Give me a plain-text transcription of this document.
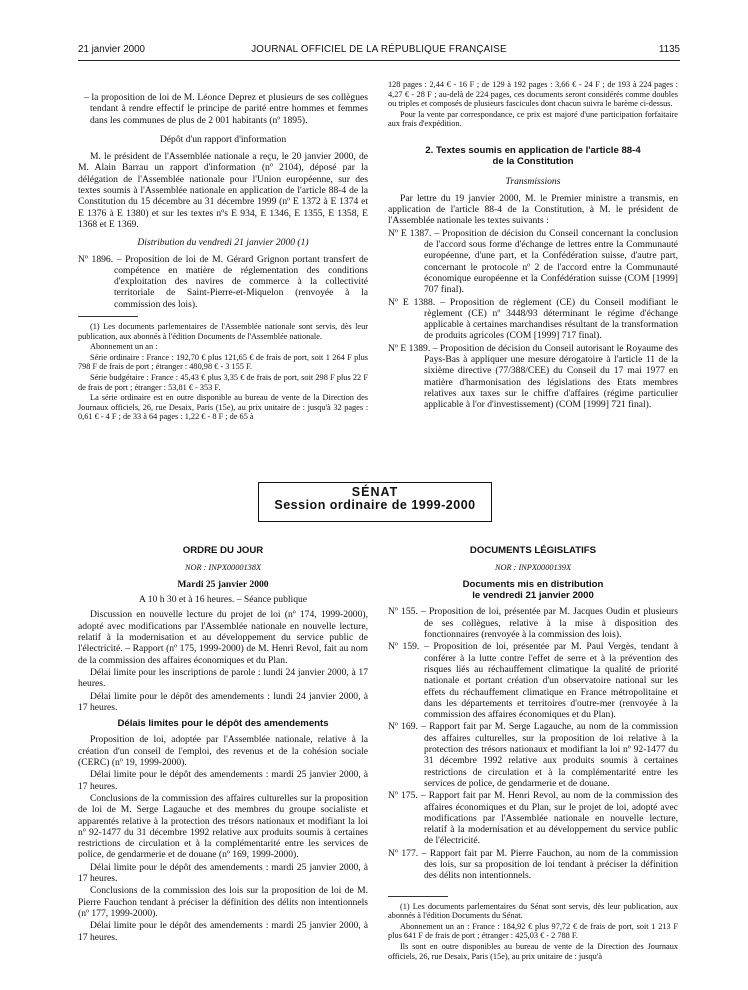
21 janvier 2000	JOURNAL OFFICIEL DE LA RÉPUBLIQUE FRANÇAISE	1135

– la proposition de loi de M. Léonce Deprez et plusieurs de ses collègues tendant à rendre effectif le principe de parité entre hommes et femmes dans les communes de plus de 2 001 habitants (nº 1895).

Dépôt d'un rapport d'information

M. le président de l'Assemblée nationale a reçu, le 20 janvier 2000, de M. Alain Barrau un rapport d'information (nº 2104), déposé par la délégation de l'Assemblée nationale pour l'Union européenne, sur des textes soumis à l'Assemblée nationale en application de l'article 88-4 de la Constitution du 15 décembre au 31 décembre 1999 (nº E 1372 à E 1374 et E 1376 à E 1380) et sur les textes nºs E 934, E 1346, E 1355, E 1358, E 1368 et E 1369.

Distribution du vendredi 21 janvier 2000 (1)

Nº 1896. – Proposition de loi de M. Gérard Grignon portant transfert de compétence en matière de réglementation des conditions d'exploitation des navires de commerce à la collectivité territoriale de Saint-Pierre-et-Miquelon (renvoyée à la commission des lois).

(1) Les documents parlementaires de l'Assemblée nationale sont servis, dès leur publication, aux abonnés à l'édition Documents de l'Assemblée nationale.

Abonnement un an :

Série ordinaire : France : 192,70 € plus 121,65 € de frais de port, soit 1 264 F plus 798 F de frais de port ; étranger : 480,98 € - 3 155 F.

Série budgétaire : France : 45,43 € plus 3,35 € de frais de port, soit 298 F plus 22 F de frais de port ; étranger : 53,81 € - 353 F.

La série ordinaire est en outre disponible au bureau de vente de la Direction des Journaux officiels, 26, rue Desaix, Paris (15e), au prix unitaire de : jusqu'à 32 pages : 0,61 € - 4 F ; de 33 à 64 pages : 1,22 € - 8 F ; de 65 à

128 pages : 2,44 € - 16 F ; de 129 à 192 pages : 3,66 € - 24 F ; de 193 à 224 pages : 4,27 € - 28 F ; au-delà de 224 pages, ces documents seront considérés comme doubles ou triples et composés de plusieurs fascicules dont chacun suivra le barème ci-dessus.

Pour la vente par correspondance, ce prix est majoré d'une participation forfaitaire aux frais d'expédition.

2. Textes soumis en application de l'article 88-4

de la Constitution

Transmissions

Par lettre du 19 janvier 2000, M. le Premier ministre a transmis, en application de l'article 88-4 de la Constitution, à M. le président de l'Assemblée nationale les textes suivants :

Nº E 1387. – Proposition de décision du Conseil concernant la conclusion de l'accord sous forme d'échange de lettres entre la Communauté européenne, d'une part, et la Confédération suisse, d'autre part, concernant le protocole nº 2 de l'accord entre la Communauté économique européenne et la Confédération suisse (COM [1999] 707 final).

Nº E 1388. – Proposition de règlement (CE) du Conseil modifiant le règlement (CE) nº 3448/93 déterminant le régime d'échange applicable à certaines marchandises résultant de la transformation de produits agricoles (COM [1999] 717 final).

Nº E 1389. – Proposition de décision du Conseil autorisant le Royaume des Pays-Bas à appliquer une mesure dérogatoire à l'article 11 de la sixième directive (77/388/CEE) du Conseil du 17 mai 1977 en matière d'harmonisation des législations des Etats membres relatives aux taxes sur le chiffre d'affaires (régime particulier applicable à l'or d'investissement) (COM [1999] 721 final).

SÉNAT
Session ordinaire de 1999-2000

ORDRE DU JOUR

NOR : INPX0000138X

Mardi 25 janvier 2000

A 10 h 30 et à 16 heures. – Séance publique

Discussion en nouvelle lecture du projet de loi (nº 174, 1999-2000), adopté avec modifications par l'Assemblée nationale en nouvelle lecture, relatif à la modernisation et au développement du service public de l'électricité. – Rapport (nº 175, 1999-2000) de M. Henri Revol, fait au nom de la commission des affaires économiques et du Plan.

Délai limite pour les inscriptions de parole : lundi 24 janvier 2000, à 17 heures.

Délai limite pour le dépôt des amendements : lundi 24 janvier 2000, à 17 heures.

Délais limites pour le dépôt des amendements

Proposition de loi, adoptée par l'Assemblée nationale, relative à la création d'un conseil de l'emploi, des revenus et de la cohésion sociale (CERC) (nº 19, 1999-2000).

Délai limite pour le dépôt des amendements : mardi 25 janvier 2000, à 17 heures.

Conclusions de la commission des affaires culturelles sur la proposition de loi de M. Serge Lagauche et des membres du groupe socialiste et apparentés relative à la protection des trésors nationaux et modifiant la loi nº 92-1477 du 31 décembre 1992 relative aux produits soumis à certaines restrictions de circulation et à la complémentarité entre les services de police, de gendarmerie et de douane (nº 169, 1999-2000).

Délai limite pour le dépôt des amendements : mardi 25 janvier 2000, à 17 heures.

Conclusions de la commission des lois sur la proposition de loi de M. Pierre Fauchon tendant à préciser la définition des délits non intentionnels (nº 177, 1999-2000).

Délai limite pour le dépôt des amendements : mardi 25 janvier 2000, à 17 heures.

DOCUMENTS LÉGISLATIFS

NOR : INPX0000139X

Documents mis en distribution

le vendredi 21 janvier 2000

Nº 155. – Proposition de loi, présentée par M. Jacques Oudin et plusieurs de ses collègues, relative à la mise à disposition des fonctionnaires (renvoyée à la commission des lois).

Nº 159. – Proposition de loi, présentée par M. Paul Vergès, tendant à conférer à la lutte contre l'effet de serre et à la prévention des risques liés au réchauffement climatique la qualité de priorité nationale et portant création d'un observatoire national sur les effets du réchauffement climatique en France métropolitaine et dans les départements et territoires d'outre-mer (renvoyée à la commission des affaires économiques et du Plan).

Nº 169. – Rapport fait par M. Serge Lagauche, au nom de la commission des affaires culturelles, sur la proposition de loi relative à la protection des trésors nationaux et modifiant la loi nº 92-1477 du 31 décembre 1992 relative aux produits soumis à certaines restrictions de circulation et à la complémentarité entre les services de police, de gendarmerie et de douane.

Nº 175. – Rapport fait par M. Henri Revol, au nom de la commission des affaires économiques et du Plan, sur le projet de loi, adopté avec modifications par l'Assemblée nationale en nouvelle lecture, relatif à la modernisation et au développement du service public de l'électricité.

Nº 177. – Rapport fait par M. Pierre Fauchon, au nom de la commission des lois, sur sa proposition de loi tendant à préciser la définition des délits non intentionnels.

(1) Les documents parlementaires du Sénat sont servis, dès leur publication, aux abonnés à l'édition Documents du Sénat.

Abonnement un an : France : 184,92 € plus 97,72 € de frais de port, soit 1 213 F plus 641 F de frais de port ; étranger : 425,03 € - 2 788 F.

Ils sont en outre disponibles au bureau de vente de la Direction des Journaux officiels, 26, rue Desaix, Paris (15e), au prix unitaire de : jusqu'à
